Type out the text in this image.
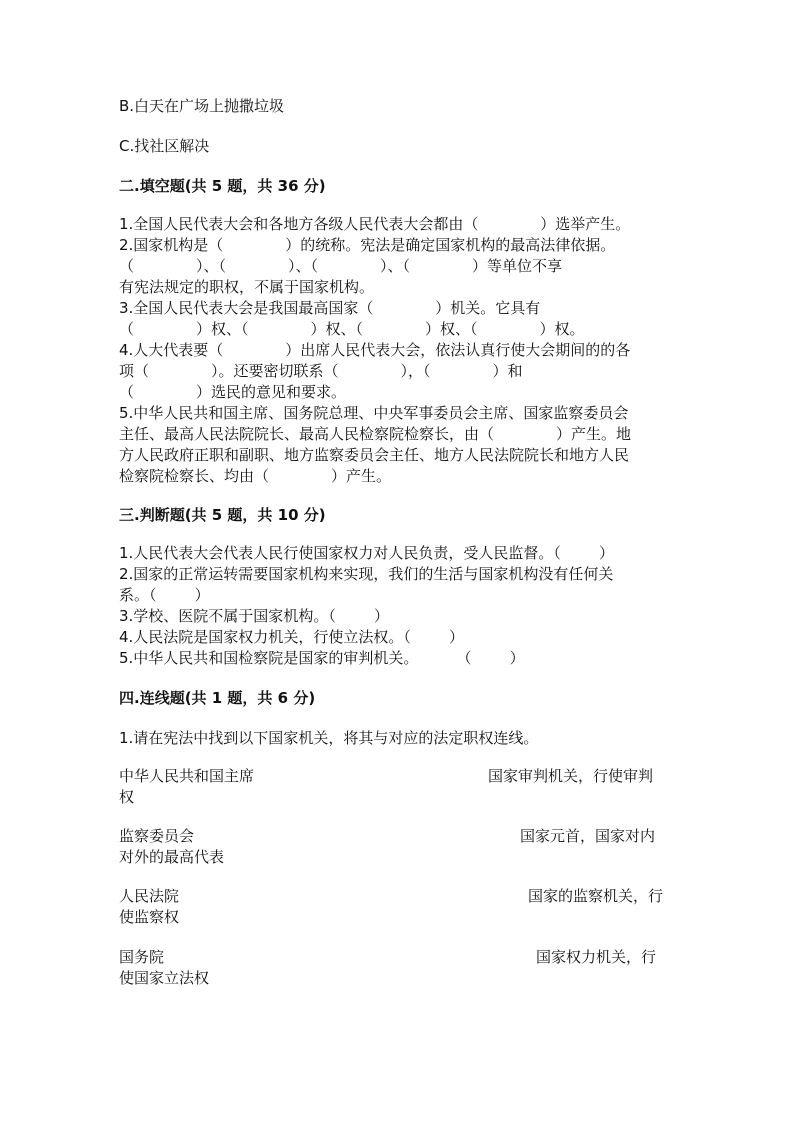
B.白天在广场上抛撒垃圾
C.找社区解决
二.填空题(共 5 题，共 36 分)
1.全国人民代表大会和各地方各级人民代表大会都由（             ）选举产生。
2.国家机构是（             ）的统称。宪法是确定国家机构的最高法律依据。
（             ）、（             ）、（             ）、（             ）等单位不享
有宪法规定的职权，不属于国家机构。
3.全国人民代表大会是我国最高国家（             ）机关。它具有
（             ）权、（             ）权、（             ）权、（             ）权。
4.人大代表要（             ）出席人民代表大会，依法认真行使大会期间的的各
项（             ）。还要密切联系（             ），（             ）和
（             ）选民的意见和要求。
5.中华人民共和国主席、国务院总理、中央军事委员会主席、国家监察委员会
主任、最高人民法院院长、最高人民检察院检察长，由（             ）产生。地
方人民政府正职和副职、地方监察委员会主任、地方人民法院院长和地方人民
检察院检察长、均由（             ）产生。
三.判断题(共 5 题，共 10 分)
1.人民代表大会代表人民行使国家权力对人民负责，受人民监督。（        ）
2.国家的正常运转需要国家机构来实现，我们的生活与国家机构没有任何关
系。（        ）
3.学校、医院不属于国家机构。（        ）
4.人民法院是国家权力机关，行使立法权。（        ）
5.中华人民共和国检察院是国家的审判机关。        （        ）
四.连线题(共 1 题，共 6 分)
1.请在宪法中找到以下国家机关，将其与对应的法定职权连线。
中华人民共和国主席	国家审判机关，行使审判
权
监察委员会	国家元首，国家对内
对外的最高代表
人民法院	国家的监察机关，行
使监察权
国务院	国家权力机关，行
使国家立法权
